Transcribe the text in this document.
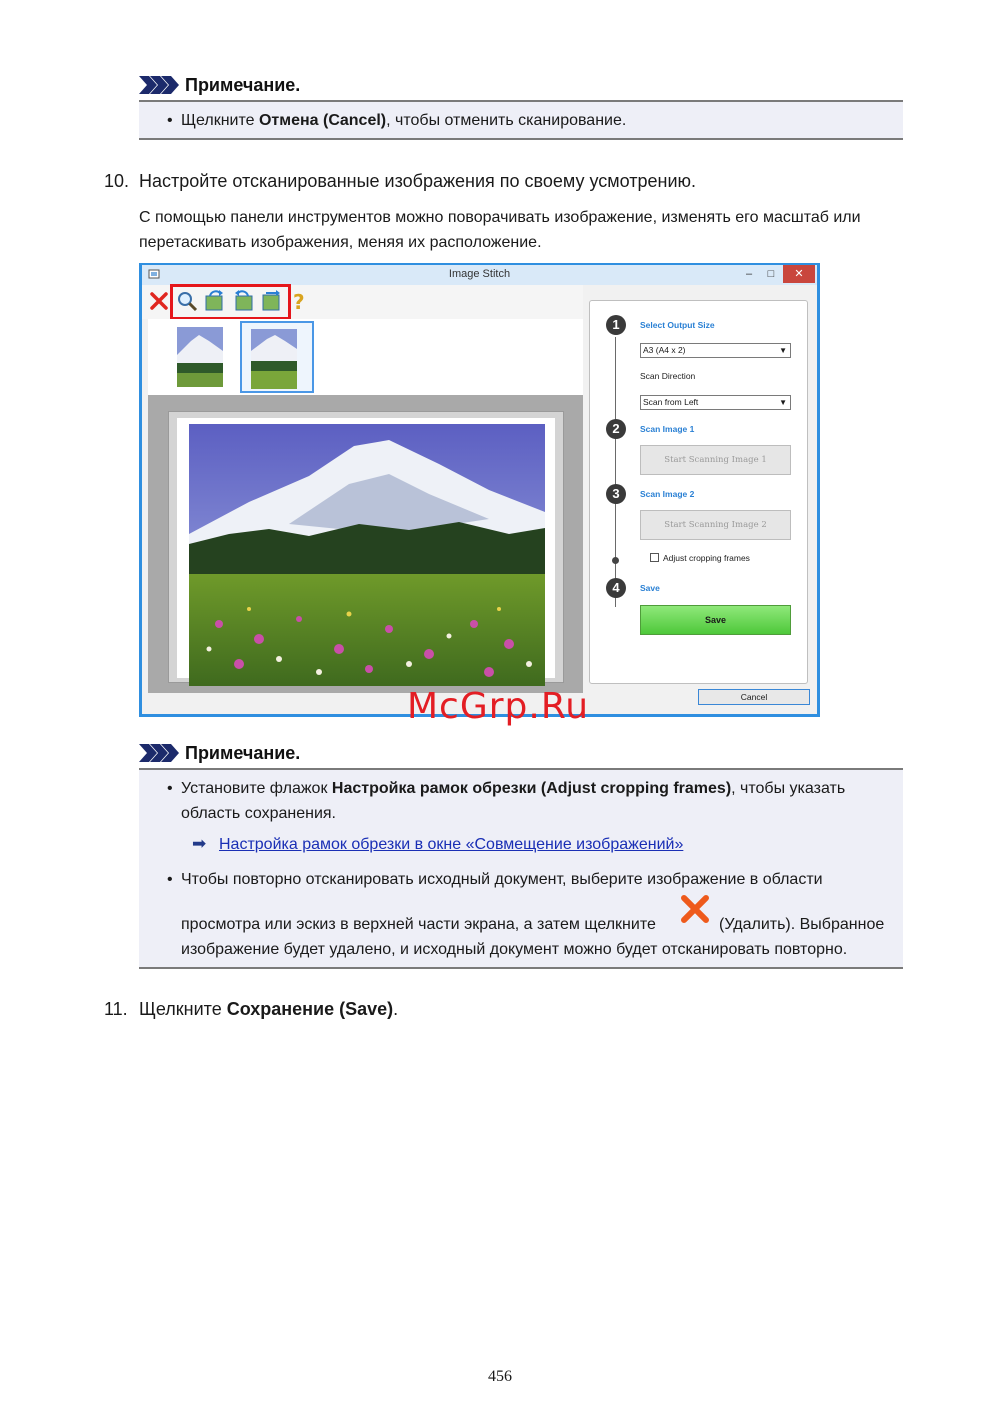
Примечание.
• Щелкните Отмена (Cancel), чтобы отменить сканирование.
10. Настройте отсканированные изображения по своему усмотрению.
С помощью панели инструментов можно поворачивать изображение, изменять его масштаб или
перетаскивать изображения, меняя их расположение.
Image Stitch	–	□	✕
?
1	Select Output Size
A3 (A4 x 2)	▼
Scan Direction
Scan from Left	▼
2	Scan Image 1
Start Scanning Image 1
3	Scan Image 2
Start Scanning Image 2
Adjust cropping frames
4	Save
Save
Cancel
McGrp.Ru
Примечание.
• Установите флажок Настройка рамок обрезки (Adjust cropping frames), чтобы указать
область сохранения.
➡ Настройка рамок обрезки в окне «Совмещение изображений»
• Чтобы повторно отсканировать исходный документ, выберите изображение в области
просмотра или эскиз в верхней части экрана, а затем щелкните	(Удалить). Выбранное
изображение будет удалено, и исходный документ можно будет отсканировать повторно.
11. Щелкните Сохранение (Save).
456
